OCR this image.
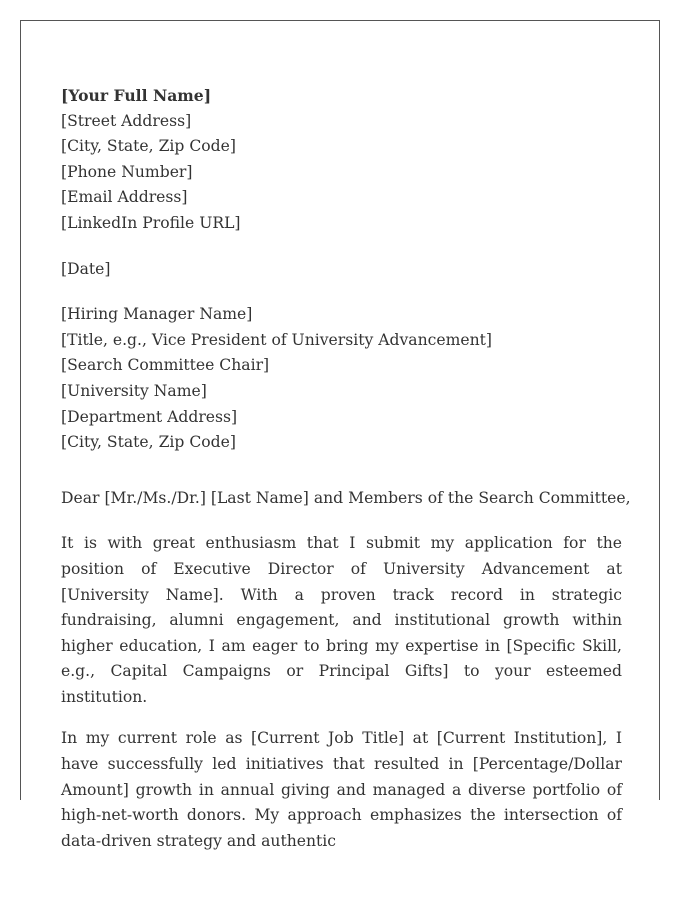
[Your Full Name]
[Street Address]
[City, State, Zip Code]
[Phone Number]
[Email Address]
[LinkedIn Profile URL]
[Date]
[Hiring Manager Name]
[Title, e.g., Vice President of University Advancement]
[Search Committee Chair]
[University Name]
[Department Address]
[City, State, Zip Code]
Dear [Mr./Ms./Dr.] [Last Name] and Members of the Search Committee,

It is with great enthusiasm that I submit my application for the position of Executive Director of University Advancement at [University Name]. With a proven track record in strategic fundraising, alumni engagement, and institutional growth within higher education, I am eager to bring my expertise in [Specific Skill, e.g., Capital Campaigns or Principal Gifts] to your esteemed institution.

In my current role as [Current Job Title] at [Current Institution], I have successfully led initiatives that resulted in [Percentage/Dollar Amount] growth in annual giving and managed a diverse portfolio of high-net-worth donors. My approach emphasizes the intersection of data-driven strategy and authentic
